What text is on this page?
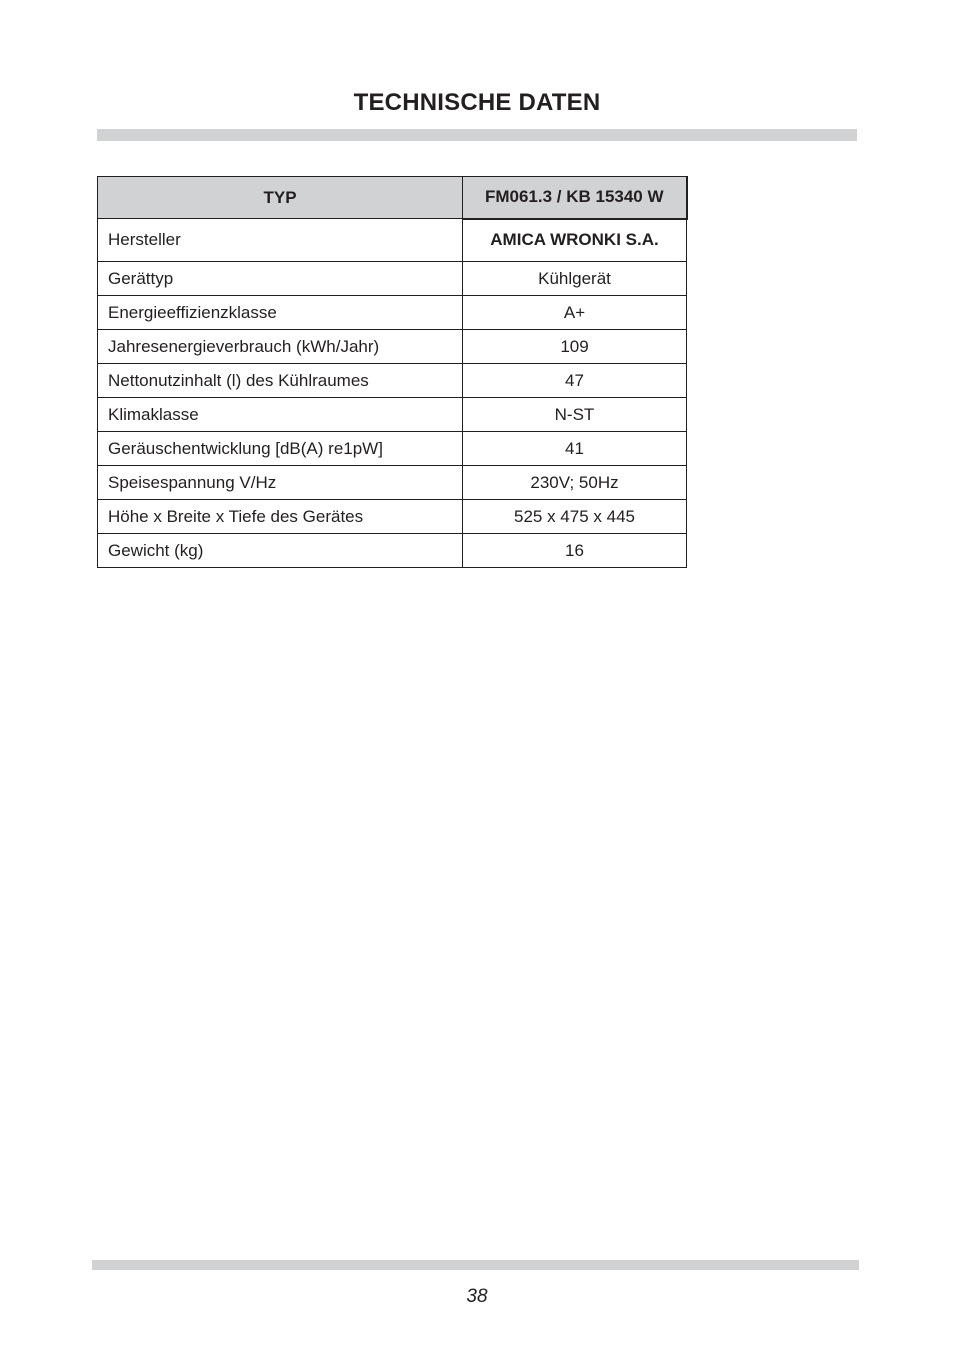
TECHNISCHE DATEN
TYP	FM061.3 / KB 15340 W
Hersteller	AMICA WRONKI S.A.
Gerättyp	Kühlgerät
Energieeffizienzklasse	A+
Jahresenergieverbrauch (kWh/Jahr)	109
Nettonutzinhalt (l) des Kühlraumes	47
Klimaklasse	N-ST
Geräuschentwicklung [dB(A) re1pW]	41
Speisespannung V/Hz	230V; 50Hz
Höhe x Breite x Tiefe des Gerätes	525 x 475 x 445
Gewicht (kg)	16
38
